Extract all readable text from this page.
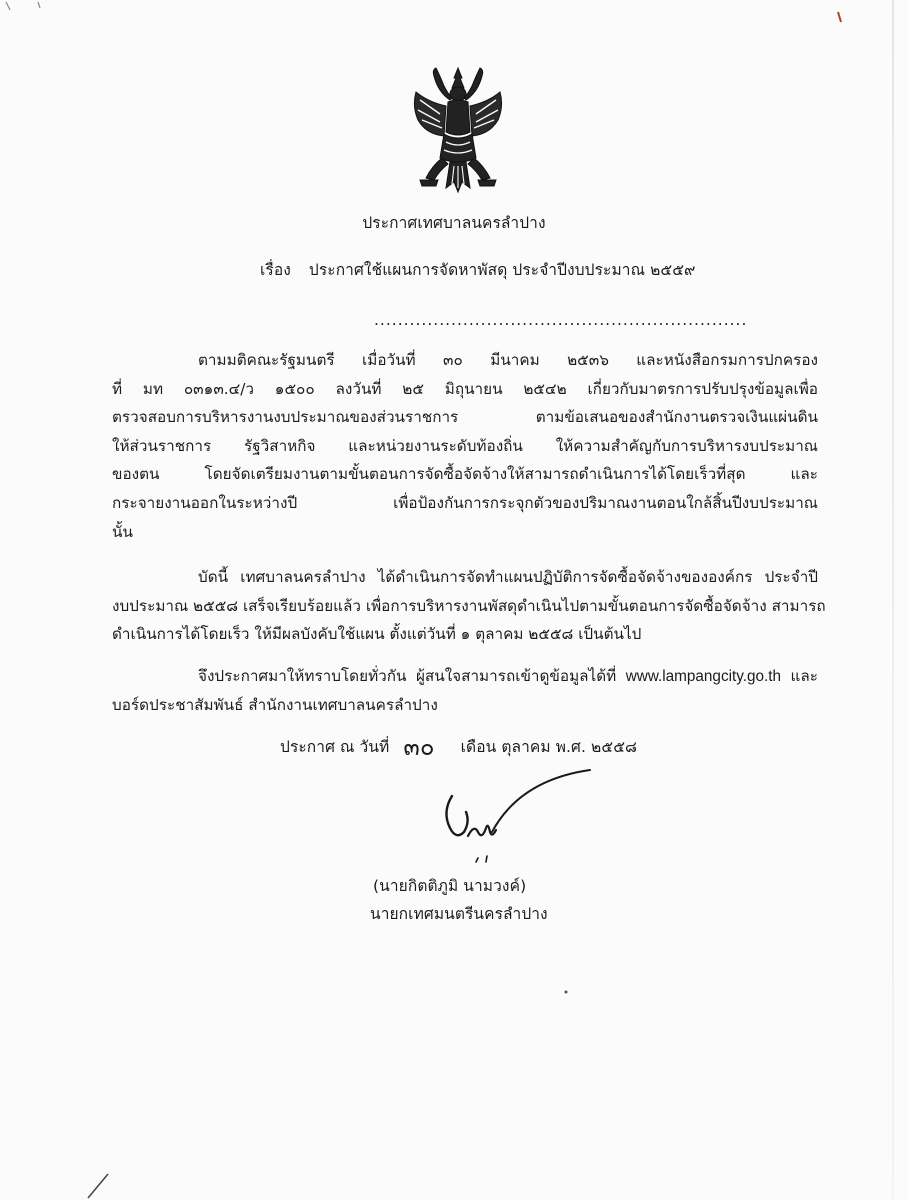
ประกาศเทศบาลนครลำปาง
เรื่อง ประกาศใช้แผนการจัดหาพัสดุ ประจำปีงบประมาณ ๒๕๕๙
...............................................................
ตามมติคณะรัฐมนตรี เมื่อวันที่ ๓๐ มีนาคม ๒๕๓๖ และหนังสือกรมการปกครอง
ที่ มท ๐๓๑๓.๔/ว ๑๕๐๐ ลงวันที่ ๒๕ มิถุนายน ๒๕๔๒ เกี่ยวกับมาตรการปรับปรุงข้อมูลเพื่อ
ตรวจสอบการบริหารงานงบประมาณของส่วนราชการ ตามข้อเสนอของสำนักงานตรวจเงินแผ่นดิน
ให้ส่วนราชการ รัฐวิสาหกิจ และหน่วยงานระดับท้องถิ่น ให้ความสำคัญกับการบริหารงบประมาณ
ของตน โดยจัดเตรียมงานตามขั้นตอนการจัดซื้อจัดจ้างให้สามารถดำเนินการได้โดยเร็วที่สุด และ
กระจายงานออกในระหว่างปี เพื่อป้องกันการกระจุกตัวของปริมาณงานตอนใกล้สิ้นปีงบประมาณ
นั้น
บัดนี้ เทศบาลนครลำปาง ได้ดำเนินการจัดทำแผนปฏิบัติการจัดซื้อจัดจ้างขององค์กร ประจำปี
งบประมาณ ๒๕๕๘ เสร็จเรียบร้อยแล้ว เพื่อการบริหารงานพัสดุดำเนินไปตามขั้นตอนการจัดซื้อจัดจ้าง สามารถ
ดำเนินการได้โดยเร็ว ให้มีผลบังคับใช้แผน ตั้งแต่วันที่ ๑ ตุลาคม ๒๕๕๘ เป็นต้นไป
จึงประกาศมาให้ทราบโดยทั่วกัน ผู้สนใจสามารถเข้าดูข้อมูลได้ที่ www.lampangcity.go.th และ
บอร์ดประชาสัมพันธ์ สำนักงานเทศบาลนครลำปาง
ประกาศ ณ วันที่ ๓๐ เดือน ตุลาคม พ.ศ. ๒๕๕๘
(นายกิตติภูมิ นามวงค์)
นายกเทศมนตรีนครลำปาง
